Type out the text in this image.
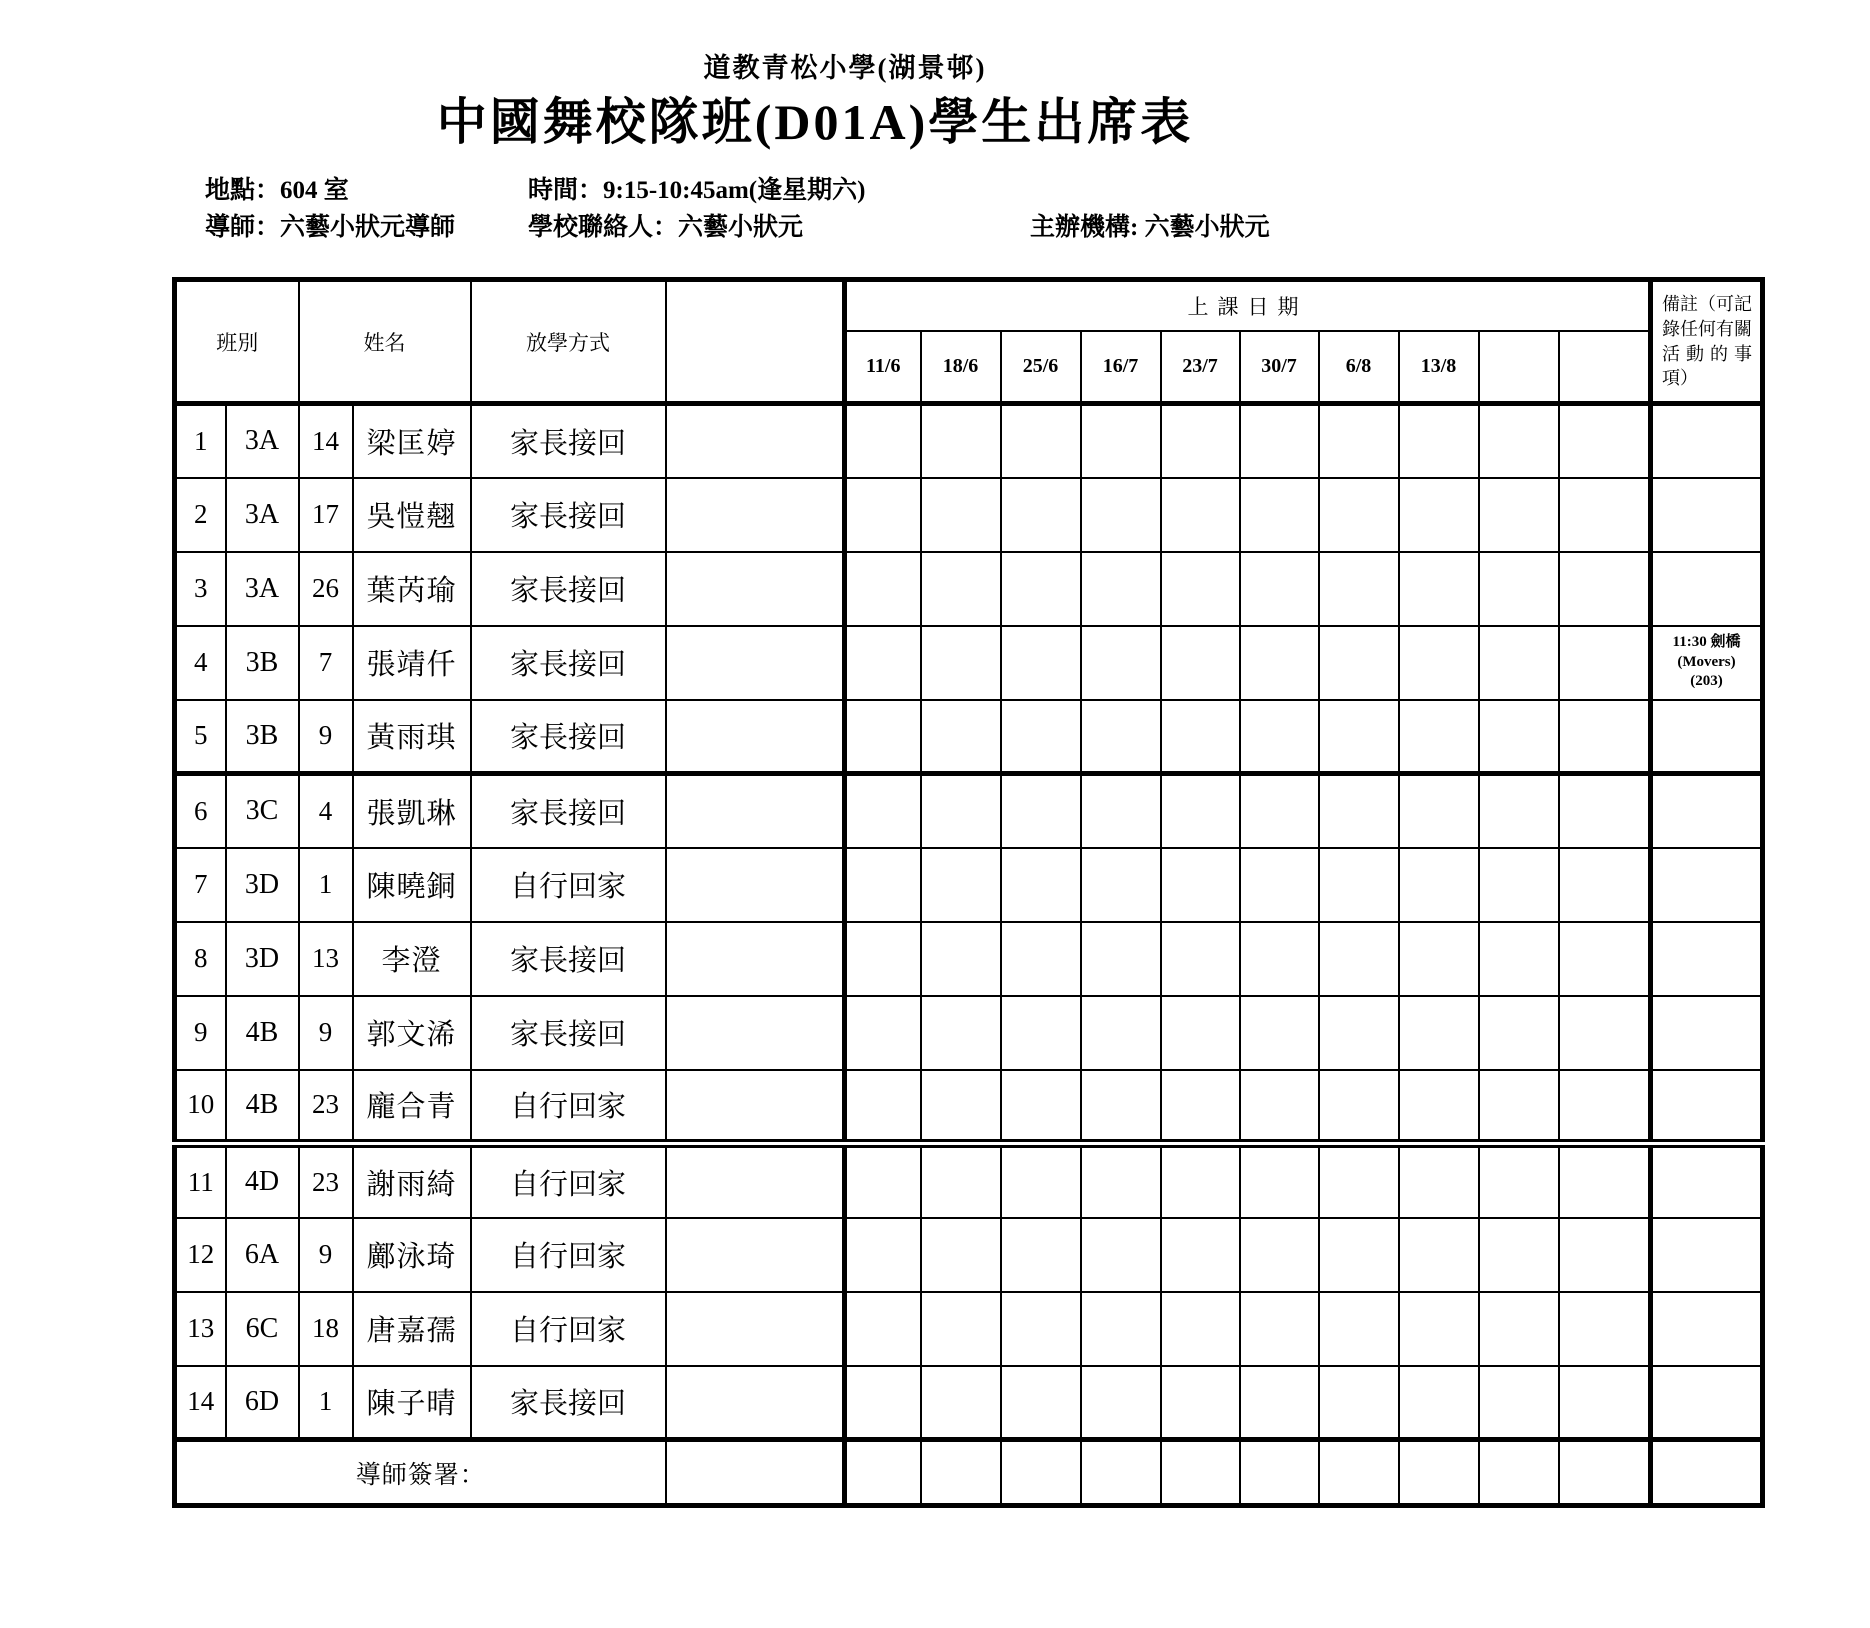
道教青松小學(湖景邨)
中國舞校隊班(D01A)學生出席表
地點：604 室	時間：9:15-10:45am(逢星期六)
導師：六藝小狀元導師	學校聯絡人：六藝小狀元	主辦機構: 六藝小狀元
班別		姓名		放學方式		上課日期										備註（可記錄任何有關活動的事項）
						11/6	18/6	25/6	16/7	23/7	30/7	6/8	13/8			
1	3A	14	梁匡婷	家長接回												
2	3A	17	吳愷翹	家長接回												
3	3A	26	葉芮瑜	家長接回												
4	3B	7	張靖仟	家長接回												11:30 劍橋
(Movers)
(203)

5	3B	9	黃雨琪	家長接回												
6	3C	4	張凱琳	家長接回												
7	3D	1	陳曉銅	自行回家												
8	3D	13	李澄	家長接回												
9	4B	9	郭文浠	家長接回												
10	4B	23	龐合青	自行回家												
11	4D	23	謝雨綺	自行回家												
12	6A	9	鄺泳琦	自行回家												
13	6C	18	唐嘉孺	自行回家												
14	6D	1	陳子晴	家長接回												
導師簽署：																
